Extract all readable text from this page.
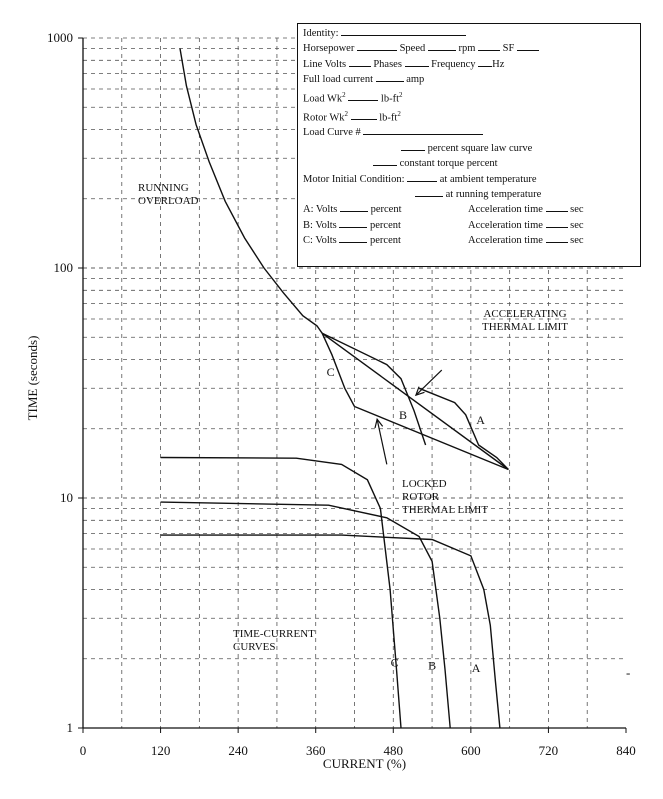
0	120	240	360	480	600	720	840
1
10
100
1000
CURRENT (%)
TIME (seconds)	C
B	A
C B	A
RUNNING
OVERLOAD
ACCELERATING
THERMAL LIMIT
LOCKED
ROTOR
THERMAL LIMIT
TIME-CURRENT
CURVES
-
Identity:
Horsepower	Speed	rpm	SF
Line Volts	Phases	Frequency Hz
Full load current	amp
Load Wk$^2$	$lb-ft^2$
Rotor Wk$^2$	$lb-ft^2$
Load Curve #
percent square law curve
constant torque percent
Motor Initial Condition:	at ambient temperature
at running temperature
A: Volts	percent	Acceleration time	sec
B: Volts	percent	Acceleration time	sec
C: Volts	percent	Acceleration time	sec
